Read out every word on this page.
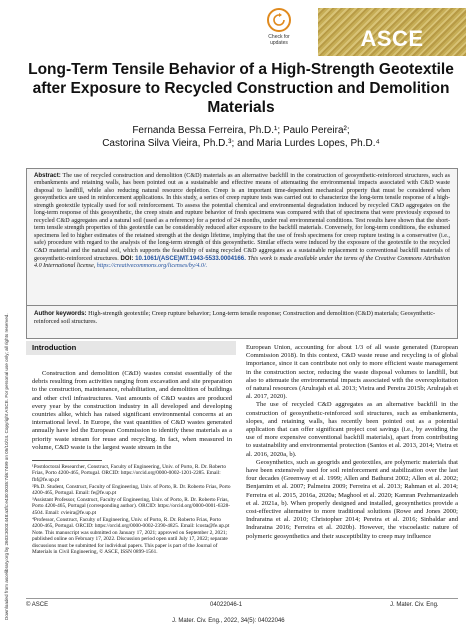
Downloaded from ascelibrary.org by 2603:3003:448:a3fc:e430:0035:7d6:7499 on 05/10/24. Copyright ASCE. For personal use only; all rights reserved.
Check for
updates	ASCE
Long-Term Tensile Behavior of a High-Strength Geotextile after Exposure to Recycled Construction and Demolition Materials
Fernanda Bessa Ferreira, Ph.D.¹; Paulo Pereira²;
Castorina Silva Vieira, Ph.D.³; and Maria Lurdes Lopes, Ph.D.⁴
Abstract: The use of recycled construction and demolition (C&D) materials as an alternative backfill in the construction of geosynthetic-reinforced structures, such as embankments and retaining walls, has been pointed out as a sustainable and effective means of attenuating the environmental impacts associated with C&D waste disposal to landfill, while also reducing natural resource depletion. Creep is an important time-dependent mechanical property that must be considered when geosynthetics are used in reinforcement applications. In this study, a series of creep rupture tests was carried out to characterize the long-term tensile response of a high-strength geotextile typically used for soil reinforcement. To assess the potential chemical and environmental degradation induced by recycled C&D aggregates on the long-term response of this geosynthetic, the creep strain and rupture behavior of fresh specimens was compared with that of specimens that were previously exposed to recycled C&D aggregates and a natural soil (used as a reference) for a period of 24 months, under real environmental conditions. Test results have shown that the short-term tensile strength properties of this geotextile can be considerably reduced after exposure to the backfill materials. Conversely, for long-term conditions, the exhumed specimens led to higher estimates of the retained strength at the design lifetime, implying that the use of fresh specimens for creep rupture testing is a conservative (i.e., safe) procedure with regard to the analysis of the long-term strength of this geosynthetic. Similar effects were induced by the exposure of the geotextile to the recycled C&D material and the natural soil, which supports the feasibility of using recycled C&D aggregates as a sustainable replacement to conventional backfill materials of geosynthetic-reinforced structures. DOI: 10.1061/(ASCE)MT.1943-5533.0004166. This work is made available under the terms of the Creative Commons Attribution 4.0 International license, https://creativecommons.org/licenses/by/4.0/.
Author keywords: High-strength geotextile; Creep rupture behavior; Long-term tensile response; Construction and demolition (C&D) materials; Geosynthetic-reinforced soil structures.
Introduction
Construction and demolition (C&D) wastes consist essentially of the debris resulting from activities ranging from excavation and site preparation to the construction, maintenance, rehabilitation, and demolition of buildings and other civil infrastructures. Vast amounts of C&D wastes are produced every year by the construction industry in all developed and developing countries alike, which has raised significant environmental concerns at an international level. In Europe, the vast quantities of C&D wastes generated annually have led the European Commission to identify these materials as a priority waste stream for reuse and recycling. In fact, when measured in volume, C&D waste is the largest waste stream in the

¹Postdoctoral Researcher, Construct, Faculty of Engineering, Univ. of Porto, R. Dr. Roberto Frias, Porto 4200-465, Portugal. ORCID: https://orcid.org/0000-0002-1201-2285. Email: fbf@fe.up.pt

²Ph.D. Student, Construct, Faculty of Engineering, Univ. of Porto, R. Dr. Roberto Frias, Porto 4200-465, Portugal. Email: fe@fe.up.pt

³Assistant Professor, Construct, Faculty of Engineering, Univ. of Porto, R. Dr. Roberto Frias, Porto 4200-465, Portugal (corresponding author). ORCID: https://orcid.org/0000-0001-6328-4504. Email: cvieira@fe.up.pt

⁴Professor, Construct, Faculty of Engineering, Univ. of Porto, R. Dr. Roberto Frias, Porto 4200-465, Portugal. ORCID: https://orcid.org/0000-0002-2390-4825. Email: lcosta@fe.up.pt

Note. This manuscript was submitted on January 17, 2021; approved on September 2, 2021; published online on February 17, 2022. Discussion period open until July 17, 2022; separate discussions must be submitted for individual papers. This paper is part of the Journal of Materials in Civil Engineering, © ASCE, ISSN 0899-1561.

European Union, accounting for about 1/3 of all waste generated (European Commission 2018). In this context, C&D waste reuse and recycling is of global importance, since it can contribute not only to more efficient waste management in the construction sector, reducing the waste disposal volumes to landfill, but also to attenuate the environmental impacts associated with the overexploitation of natural resources (Arulrajah et al. 2013; Vieira and Pereira 2015b; Arulrajah et al. 2017, 2020).
The use of recycled C&D aggregates as an alternative backfill in the construction of geosynthetic-reinforced soil structures, such as embankments, slopes, and retaining walls, has recently been pointed out as a potential application that can offer significant project cost savings (i.e., by avoiding the use of more expensive conventional backfill materials), apart from contributing to sustainability and environmental protection (Santos et al. 2013, 2014; Vieira et al. 2016, 2020a, b).
Geosynthetics, such as geogrids and geotextiles, are polymeric materials that have been extensively used for soil reinforcement and stabilization over the last four decades (Greenway et al. 1999; Allen and Bathurst 2002; Allen et al. 2002; Benjamim et al. 2007; Palmeira 2009; Ferreira et al. 2013; Rahman et al. 2014; Ferreira et al. 2015, 2016a, 2020a; Maghool et al. 2020; Kamran Pezhmanizadeh et al. 2021a, b). When properly designed and installed, geosynthetics provide a cost-effective alternative to more traditional solutions (Rowe and Jones 2000; Indraratna et al. 2010; Christopher 2014; Pereira et al. 2016; Sinbaldar and Indraratna 2016; Ferreira et al. 2020b). However, the viscoelastic nature of polymeric geosynthetics and their susceptibility to creep may influence
© ASCE	04022046-1	J. Mater. Civ. Eng.
J. Mater. Civ. Eng., 2022, 34(5): 04022046
